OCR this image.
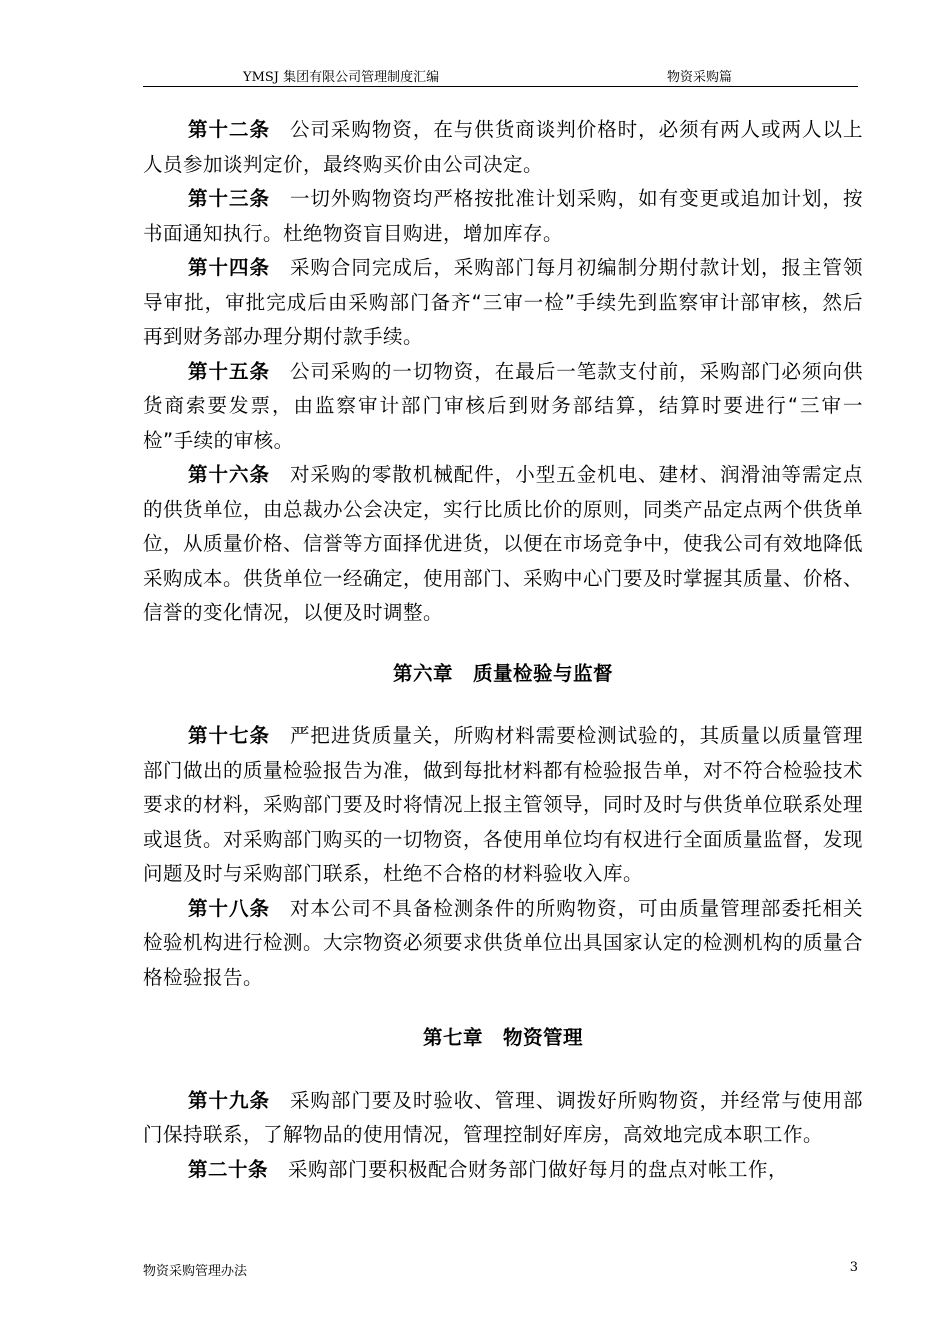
YMSJ 集团有限公司管理制度汇编	物资采购篇

第十二条 公司采购物资，在与供货商谈判价格时，必须有两人或两人以上人员参加谈判定价，最终购买价由公司决定。

第十三条 一切外购物资均严格按批准计划采购，如有变更或追加计划，按书面通知执行。杜绝物资盲目购进，增加库存。

第十四条 采购合同完成后，采购部门每月初编制分期付款计划，报主管领导审批，审批完成后由采购部门备齐“三审一检”手续先到监察审计部审核，然后再到财务部办理分期付款手续。

第十五条 公司采购的一切物资，在最后一笔款支付前，采购部门必须向供货商索要发票，由监察审计部门审核后到财务部结算，结算时要进行“三审一检”手续的审核。

第十六条 对采购的零散机械配件，小型五金机电、建材、润滑油等需定点的供货单位，由总裁办公会决定，实行比质比价的原则，同类产品定点两个供货单位，从质量价格、信誉等方面择优进货，以便在市场竞争中，使我公司有效地降低采购成本。供货单位一经确定，使用部门、采购中心门要及时掌握其质量、价格、信誉的变化情况，以便及时调整。

第六章　质量检验与监督

第十七条 严把进货质量关，所购材料需要检测试验的，其质量以质量管理部门做出的质量检验报告为准，做到每批材料都有检验报告单，对不符合检验技术要求的材料，采购部门要及时将情况上报主管领导，同时及时与供货单位联系处理或退货。对采购部门购买的一切物资，各使用单位均有权进行全面质量监督，发现问题及时与采购部门联系，杜绝不合格的材料验收入库。

第十八条 对本公司不具备检测条件的所购物资，可由质量管理部委托相关检验机构进行检测。大宗物资必须要求供货单位出具国家认定的检测机构的质量合格检验报告。

第七章　物资管理

第十九条 采购部门要及时验收、管理、调拨好所购物资，并经常与使用部门保持联系，了解物品的使用情况，管理控制好库房，高效地完成本职工作。

第二十条 采购部门要积极配合财务部门做好每月的盘点对帐工作，

物资采购管理办法	3
